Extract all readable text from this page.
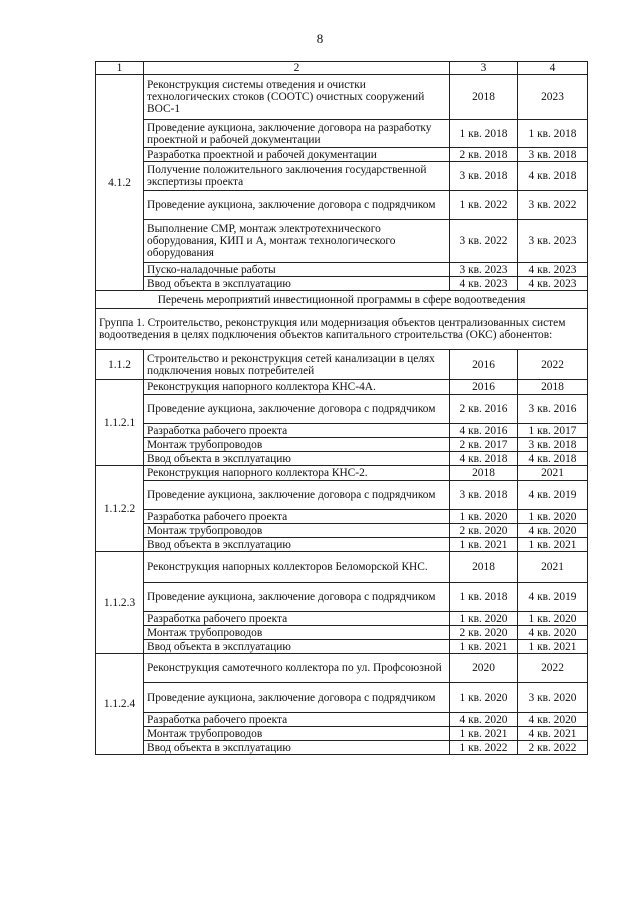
8
1	2	3	4
4.1.2	Реконструкция системы отведения и очистки технологических стоков (СООТС) очистных сооружений ВОС-1	2018	2023
	Проведение аукциона, заключение договора на разработку проектной и рабочей документации	1 кв. 2018	1 кв. 2018
	Разработка проектной и рабочей документации	2 кв. 2018	3 кв. 2018
	Получение положительного заключения государственной экспертизы проекта	3 кв. 2018	4 кв. 2018
	Проведение аукциона, заключение договора с подрядчиком	1 кв. 2022	3 кв. 2022
	Выполнение СМР, монтаж электротехнического оборудования, КИП и А, монтаж технологического оборудования	3 кв. 2022	3 кв. 2023
	Пуско-наладочные работы	3 кв. 2023	4 кв. 2023
	Ввод объекта в эксплуатацию	4 кв. 2023	4 кв. 2023
Перечень мероприятий инвестиционной программы в сфере водоотведения			
Группа 1. Строительство, реконструкция или модернизация объектов централизованных систем водоотведения в целях подключения объектов капитального строительства (ОКС) абонентов:			
1.1.2	Строительство и реконструкция сетей канализации в целях подключения новых потребителей	2016	2022
1.1.2.1	Реконструкция напорного коллектора КНС-4А.	2016	2018
	Проведение аукциона, заключение договора с подрядчиком	2 кв. 2016	3 кв. 2016
	Разработка рабочего проекта	4 кв. 2016	1 кв. 2017
	Монтаж трубопроводов	2 кв. 2017	3 кв. 2018
	Ввод объекта в эксплуатацию	4 кв. 2018	4 кв. 2018
1.1.2.2	Реконструкция напорного коллектора КНС-2.	2018	2021
	Проведение аукциона, заключение договора с подрядчиком	3 кв. 2018	4 кв. 2019
	Разработка рабочего проекта	1 кв. 2020	1 кв. 2020
	Монтаж трубопроводов	2 кв. 2020	4 кв. 2020
	Ввод объекта в эксплуатацию	1 кв. 2021	1 кв. 2021
1.1.2.3	Реконструкция напорных коллекторов Беломорской КНС.	2018	2021
	Проведение аукциона, заключение договора с подрядчиком	1 кв. 2018	4 кв. 2019
	Разработка рабочего проекта	1 кв. 2020	1 кв. 2020
	Монтаж трубопроводов	2 кв. 2020	4 кв. 2020
	Ввод объекта в эксплуатацию	1 кв. 2021	1 кв. 2021
1.1.2.4	Реконструкция самотечного коллектора по ул. Профсоюзной	2020	2022
	Проведение аукциона, заключение договора с подрядчиком	1 кв. 2020	3 кв. 2020
	Разработка рабочего проекта	4 кв. 2020	4 кв. 2020
	Монтаж трубопроводов	1 кв. 2021	4 кв. 2021
	Ввод объекта в эксплуатацию	1 кв. 2022	2 кв. 2022
